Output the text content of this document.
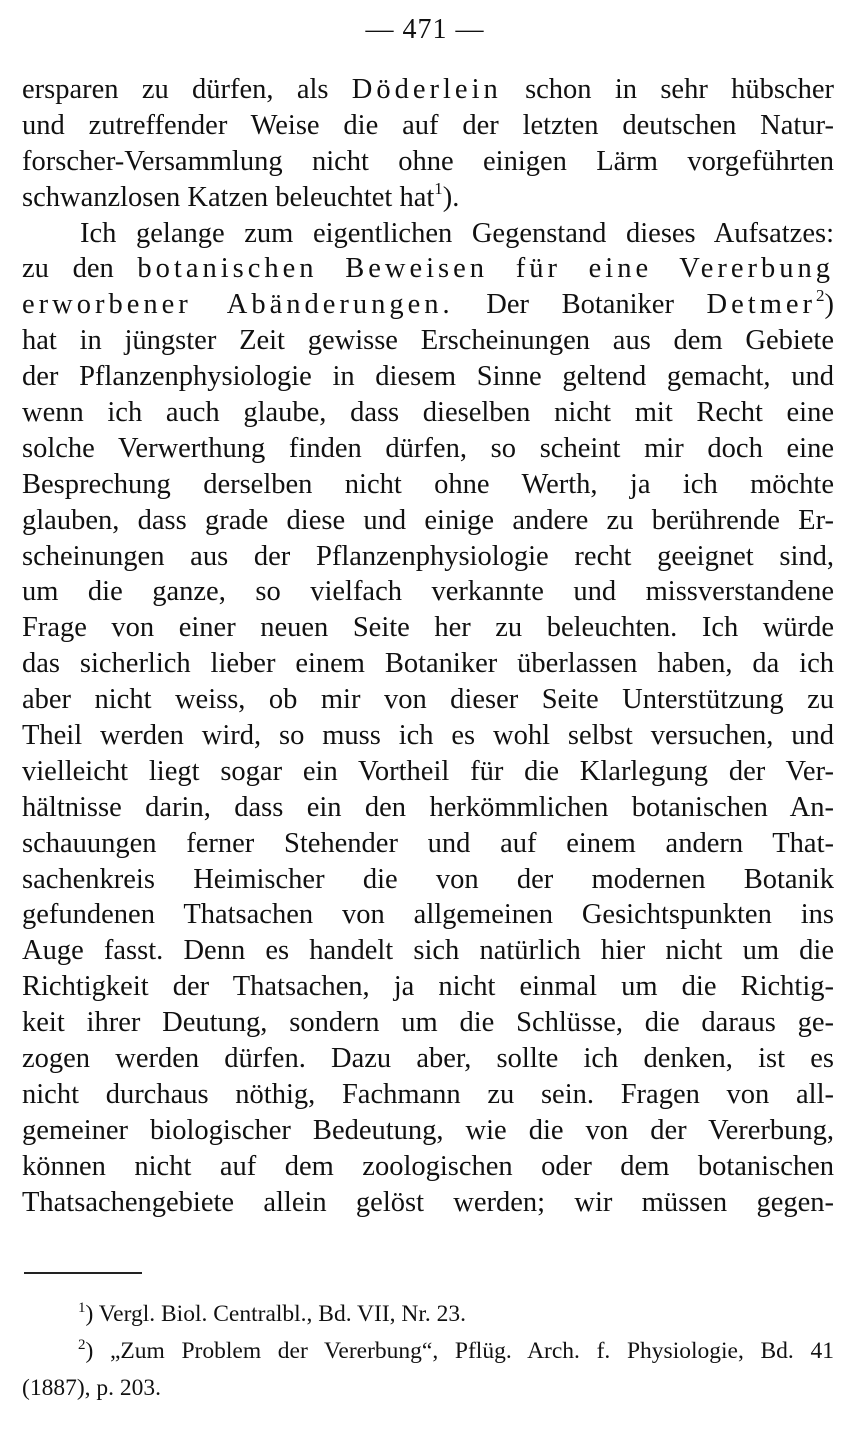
— 471 —
ersparen zu dürfen, als Döderlein schon in sehr hübscher
und zutreffender Weise die auf der letzten deutschen Natur-
forscher-Versammlung nicht ohne einigen Lärm vorgeführten
schwanzlosen Katzen beleuchtet hat$^1$).
Ich gelange zum eigentlichen Gegenstand dieses Aufsatzes:
zu den botanischen Beweisen für eine Vererbung
erworbener Abänderungen. Der Botaniker Detmer$^2$)
hat in jüngster Zeit gewisse Erscheinungen aus dem Gebiete
der Pflanzenphysiologie in diesem Sinne geltend gemacht, und
wenn ich auch glaube, dass dieselben nicht mit Recht eine
solche Verwerthung finden dürfen, so scheint mir doch eine
Besprechung derselben nicht ohne Werth, ja ich möchte
glauben, dass grade diese und einige andere zu berührende Er-
scheinungen aus der Pflanzenphysiologie recht geeignet sind,
um die ganze, so vielfach verkannte und missverstandene
Frage von einer neuen Seite her zu beleuchten. Ich würde
das sicherlich lieber einem Botaniker überlassen haben, da ich
aber nicht weiss, ob mir von dieser Seite Unterstützung zu
Theil werden wird, so muss ich es wohl selbst versuchen, und
vielleicht liegt sogar ein Vortheil für die Klarlegung der Ver-
hältnisse darin, dass ein den herkömmlichen botanischen An-
schauungen ferner Stehender und auf einem andern That-
sachenkreis Heimischer die von der modernen Botanik
gefundenen Thatsachen von allgemeinen Gesichtspunkten ins
Auge fasst. Denn es handelt sich natürlich hier nicht um die
Richtigkeit der Thatsachen, ja nicht einmal um die Richtig-
keit ihrer Deutung, sondern um die Schlüsse, die daraus ge-
zogen werden dürfen. Dazu aber, sollte ich denken, ist es
nicht durchaus nöthig, Fachmann zu sein. Fragen von all-
gemeiner biologischer Bedeutung, wie die von der Vererbung,
können nicht auf dem zoologischen oder dem botanischen
Thatsachengebiete allein gelöst werden; wir müssen gegen-
$^1$) Vergl. Biol. Centralbl., Bd. VII, Nr. 23.
$^2$) „Zum Problem der Vererbung“, Pflüg. Arch. f. Physiologie, Bd. 41
(1887), p. 203.
